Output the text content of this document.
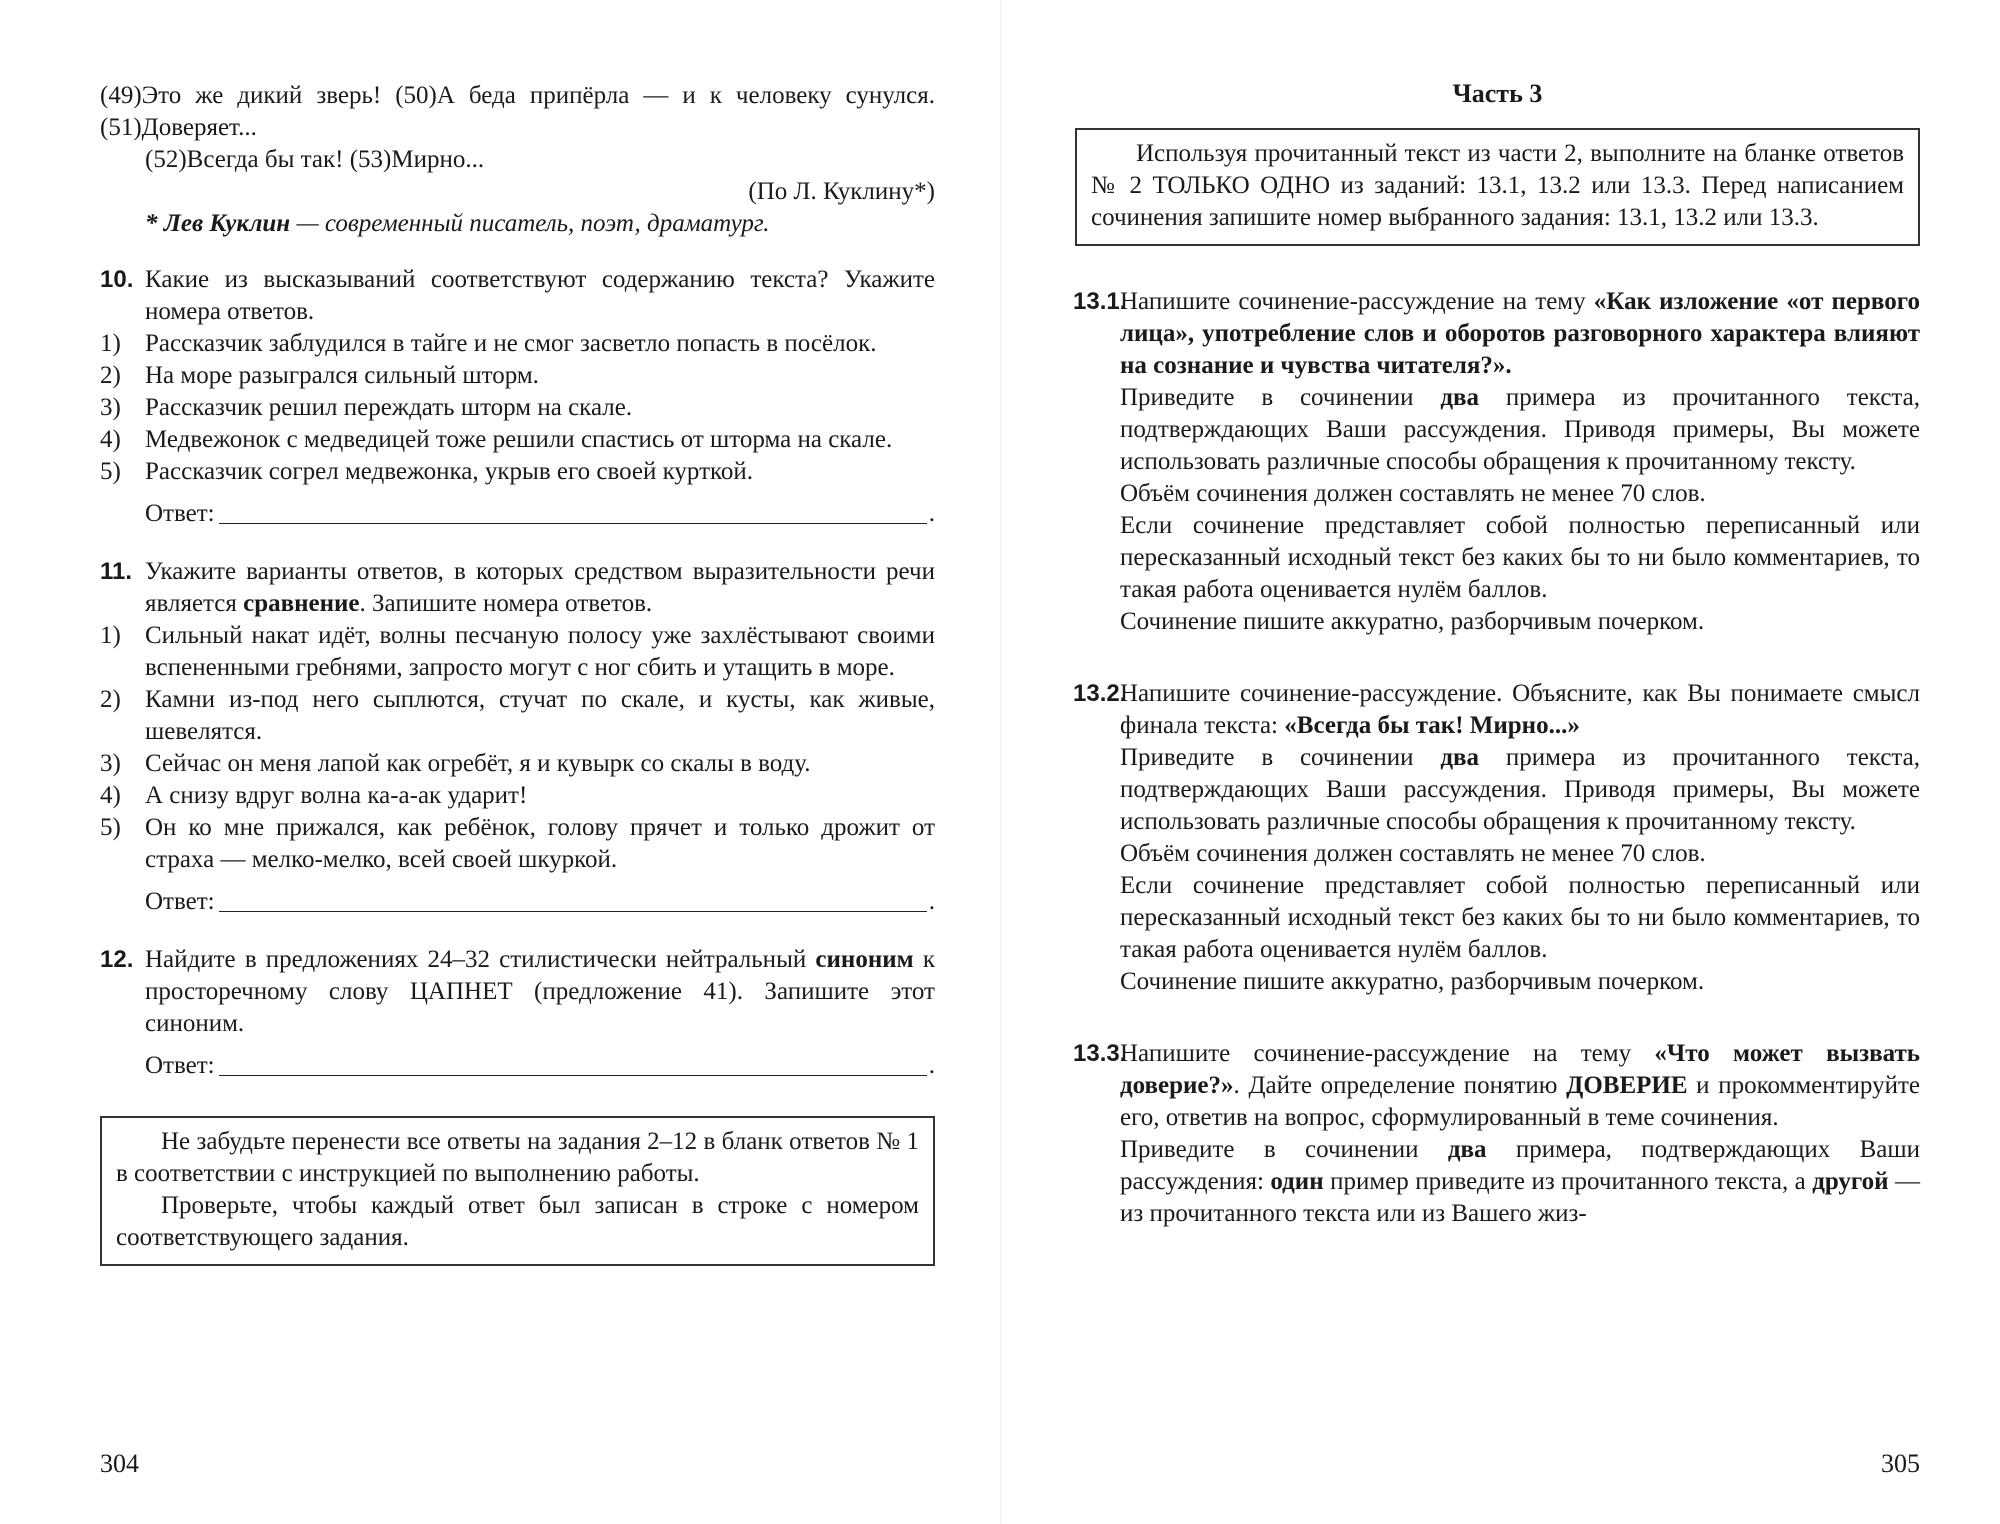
(49)Это же дикий зверь! (50)А беда припёрла — и к человеку сунулся. (51)Доверяет...

(52)Всегда бы так! (53)Мирно...

(По Л. Куклину*)

* Лев Куклин — современный писатель, поэт, драматург.

10. Какие из высказываний соответствуют содержанию текста? Укажите номера ответов.
1) Рассказчик заблудился в тайге и не смог засветло попасть в посёлок.
2) На море разыгрался сильный шторм.
3) Рассказчик решил переждать шторм на скале.
4) Медвежонок с медведицей тоже решили спастись от шторма на скале.
5) Рассказчик согрел медвежонка, укрыв его своей курткой.
Ответ:	.
11. Укажите варианты ответов, в которых средством выразительности речи является сравнение. Запишите номера ответов.
1) Сильный накат идёт, волны песчаную полосу уже захлёстывают своими вспененными гребнями, запросто могут с ног сбить и утащить в море.
2) Камни из-под него сыплются, стучат по скале, и кусты, как живые, шевелятся.
3) Сейчас он меня лапой как огребёт, я и кувырк со скалы в воду.
4) А снизу вдруг волна ка-а-ак ударит!
5) Он ко мне прижался, как ребёнок, голову прячет и только дрожит от страха — мелко-мелко, всей своей шкуркой.
Ответ:	.
12. Найдите в предложениях 24–32 стилистически нейтральный синоним к просторечному слову ЦАПНЕТ (предложение 41). Запишите этот синоним.
Ответ:	.

Не забудьте перенести все ответы на задания 2–12 в бланк ответов № 1 в соответствии с инструкцией по выполнению работы.

Проверьте, чтобы каждый ответ был записан в строке с номером соответствующего задания.

304

Часть 3

Используя прочитанный текст из части 2, выполните на бланке ответов № 2 ТОЛЬКО ОДНО из заданий: 13.1, 13.2 или 13.3. Перед написанием сочинения запишите номер выбранного задания: 13.1, 13.2 или 13.3.

13.1.

Напишите сочинение-рассуждение на тему «Как изложение «от первого лица», употребление слов и оборотов разговорного характера влияют на сознание и чувства читателя?».

Приведите в сочинении два примера из прочитанного текста, подтверждающих Ваши рассуждения. Приводя примеры, Вы можете использовать различные способы обращения к прочитанному тексту.

Объём сочинения должен составлять не менее 70 слов.

Если сочинение представляет собой полностью переписанный или пересказанный исходный текст без каких бы то ни было комментариев, то такая работа оценивается нулём баллов.

Сочинение пишите аккуратно, разборчивым почерком.

13.2.

Напишите сочинение-рассуждение. Объясните, как Вы понимаете смысл финала текста: «Всегда бы так! Мирно...»

Приведите в сочинении два примера из прочитанного текста, подтверждающих Ваши рассуждения. Приводя примеры, Вы можете использовать различные способы обращения к прочитанному тексту.

Объём сочинения должен составлять не менее 70 слов.

Если сочинение представляет собой полностью переписанный или пересказанный исходный текст без каких бы то ни было комментариев, то такая работа оценивается нулём баллов.

Сочинение пишите аккуратно, разборчивым почерком.

13.3.

Напишите сочинение-рассуждение на тему «Что может вызвать доверие?». Дайте определение понятию ДОВЕРИЕ и прокомментируйте его, ответив на вопрос, сформулированный в теме сочинения.

Приведите в сочинении два примера, подтверждающих Ваши рассуждения: один пример приведите из прочитанного текста, а другой — из прочитанного текста или из Вашего жиз-

305
